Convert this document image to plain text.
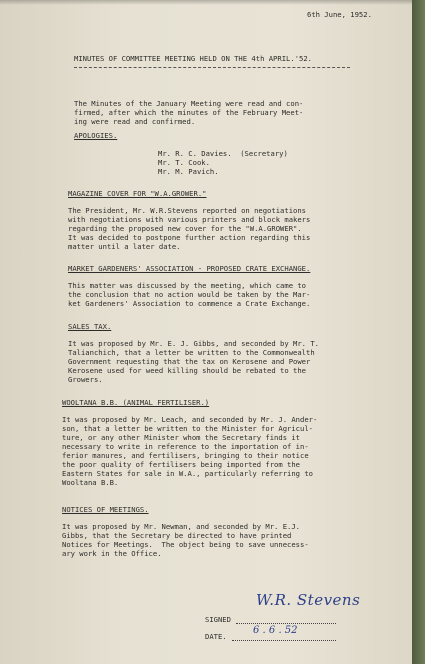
6th June, 1952.
MINUTES OF COMMITTEE MEETING HELD ON THE 4th APRIL.'52.
The Minutes of the January Meeting were read and con-
firmed, after which the minutes of the February Meet-
ing were read and confirmed.
APOLOGIES.
Mr. R. C. Davies.  (Secretary)
Mr. T. Cook.
Mr. M. Pavich.
MAGAZINE COVER FOR "W.A.GROWER."
The President, Mr. W.R.Stevens reported on negotiations
with negotiations with various printers and block makers
regarding the proposed new cover for the "W.A.GROWER".
It was decided to postpone further action regarding this
matter until a later date.
MARKET GARDENERS' ASSOCIATION - PROPOSED CRATE EXCHANGE.
This matter was discussed by the meeting, which came to
the conclusion that no action would be taken by the Mar-
ket Gardeners' Association to commence a Crate Exchange.
SALES TAX.
It was proposed by Mr. E. J. Gibbs, and seconded by Mr. T.
Talianchich, that a letter be written to the Commonwealth
Government requesting that the tax on Kerosene and Power
Kerosene used for weed killing should be rebated to the
Growers.
WOOLTANA B.B. (ANIMAL FERTILISER.)
It was proposed by Mr. Leach, and seconded by Mr. J. Ander-
son, that a letter be written to the Minister for Agricul-
ture, or any other Minister whom the Secretary finds it
necessary to write in reference to the importation of in-
ferior manures, and fertilisers, bringing to their notice
the poor quality of fertilisers being imported from the
Eastern States for sale in W.A., particularly referring to
Wooltana B.B.
NOTICES OF MEETINGS.
It was proposed by Mr. Newman, and seconded by Mr. E.J.
Gibbs, that the Secretary be directed to have printed
Notices for Meetings.  The object being to save unnecess-
ary work in the Office.
SIGNED
W.R. Stevens
DATE.
6 . 6 . 52
